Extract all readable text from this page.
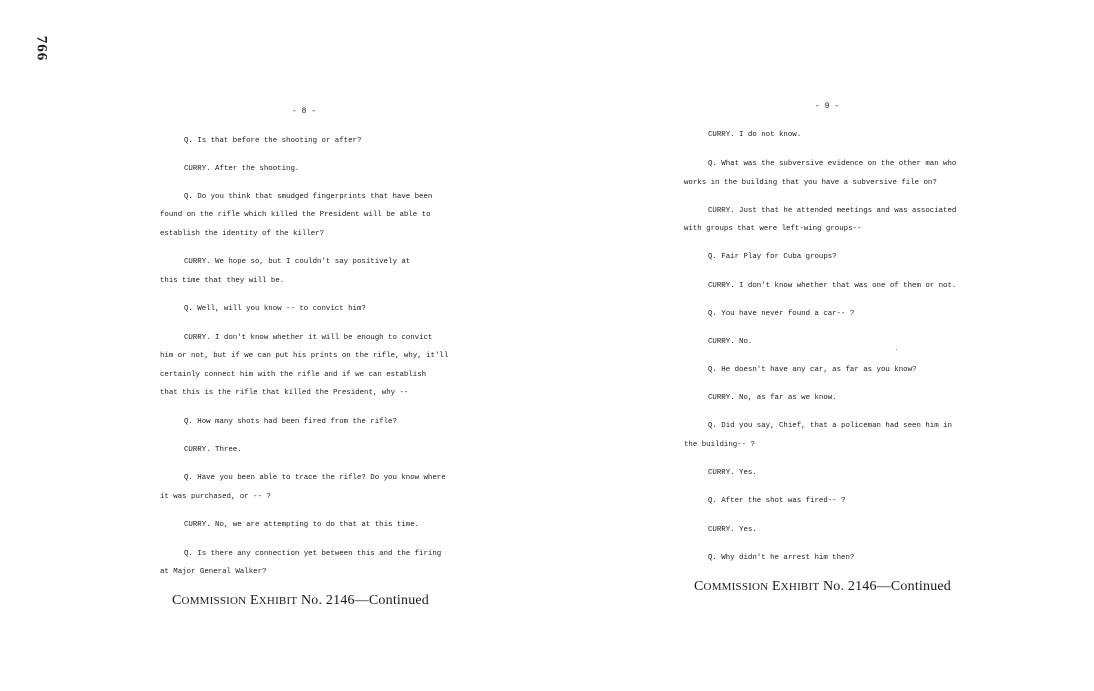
766
- 8 -
Q. Is that before the shooting or after?
CURRY. After the shooting.
Q. Do you think that smudged fingerprints that have been
found on the rifle which killed the President will be able to
establish the identity of the killer?
CURRY. We hope so, but I couldn't say positively at
this time that they will be.
Q. Well, will you know -- to convict him?
CURRY. I don't know whether it will be enough to convict
him or not, but if we can put his prints on the rifle, why, it'll
certainly connect him with the rifle and if we can establish
that this is the rifle that killed the President, why --
Q. How many shots had been fired from the rifle?
CURRY. Three.
Q. Have you been able to trace the rifle? Do you know where
it was purchased, or -- ?
CURRY. No, we are attempting to do that at this time.
Q. Is there any connection yet between this and the firing
at Major General Walker?
COMMISSION EXHIBIT No. 2146—Continued
- 9 -
CURRY. I do not know.
Q. What was the subversive evidence on the other man who
works in the building that you have a subversive file on?
CURRY. Just that he attended meetings and was associated
with groups that were left-wing groups--
Q. Fair Play for Cuba groups?
CURRY. I don't know whether that was one of them or not.
Q. You have never found a car-- ?
CURRY. No.
Q. He doesn't have any car, as far as you know?
CURRY. No, as far as we know.
Q. Did you say, Chief, that a policeman had seen him in
the building-- ?
CURRY. Yes.
Q. After the shot was fired-- ?
CURRY. Yes.
Q. Why didn't he arrest him then?
COMMISSION EXHIBIT No. 2146—Continued
